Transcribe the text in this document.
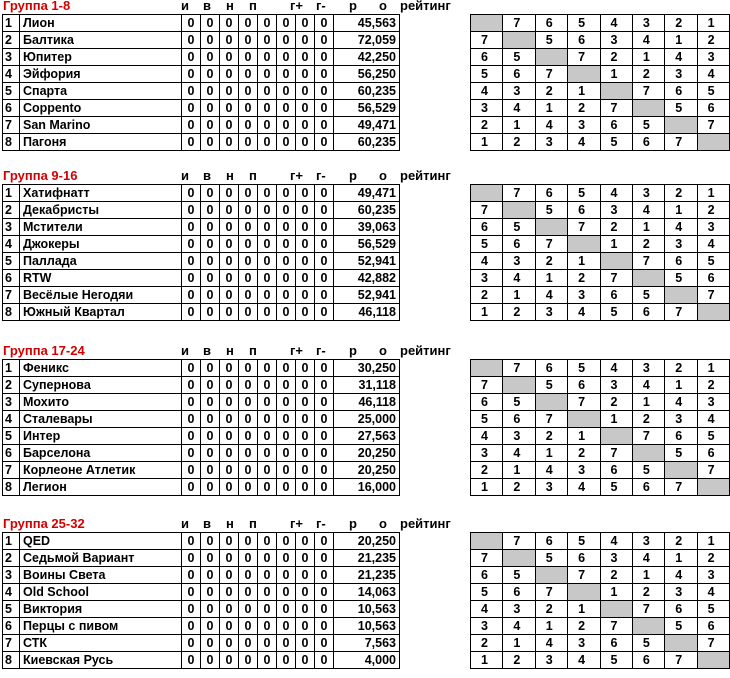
Группа 1-8	и в н п	г+ г- р о рейтинг
1	Лион	0	0	0	0	0	0	0	0	45,563
2	Балтика	0	0	0	0	0	0	0	0	72,059
3	Юпитер	0	0	0	0	0	0	0	0	42,250
4	Эйфория	0	0	0	0	0	0	0	0	56,250
5	Спарта	0	0	0	0	0	0	0	0	60,235
6	Соррento	0	0	0	0	0	0	0	0	56,529
7	San Marino	0	0	0	0	0	0	0	0	49,471
8	Пагоня	0	0	0	0	0	0	0	0	60,235
	7	6	5	4	3	2	1
7		5	6	3	4	1	2
6	5		7	2	1	4	3
5	6	7		1	2	3	4
4	3	2	1		7	6	5
3	4	1	2	7		5	6
2	1	4	3	6	5		7
1	2	3	4	5	6	7	
Группа 9-16	и в н п	г+ г- р о рейтинг
1	Хатифнатт	0	0	0	0	0	0	0	0	49,471
2	Декабристы	0	0	0	0	0	0	0	0	60,235
3	Мстители	0	0	0	0	0	0	0	0	39,063
4	Джокеры	0	0	0	0	0	0	0	0	56,529
5	Паллада	0	0	0	0	0	0	0	0	52,941
6	RTW	0	0	0	0	0	0	0	0	42,882
7	Весёлые Негодяи	0	0	0	0	0	0	0	0	52,941
8	Южный Квартал	0	0	0	0	0	0	0	0	46,118
	7	6	5	4	3	2	1
7		5	6	3	4	1	2
6	5		7	2	1	4	3
5	6	7		1	2	3	4
4	3	2	1		7	6	5
3	4	1	2	7		5	6
2	1	4	3	6	5		7
1	2	3	4	5	6	7	
Группа 17-24	и в н п	г+ г- р о рейтинг
1	Феникс	0	0	0	0	0	0	0	0	30,250
2	Супернова	0	0	0	0	0	0	0	0	31,118
3	Мохито	0	0	0	0	0	0	0	0	46,118
4	Сталевары	0	0	0	0	0	0	0	0	25,000
5	Интер	0	0	0	0	0	0	0	0	27,563
6	Барселона	0	0	0	0	0	0	0	0	20,250
7	Корлеоне Атлетик	0	0	0	0	0	0	0	0	20,250
8	Легион	0	0	0	0	0	0	0	0	16,000
	7	6	5	4	3	2	1
7		5	6	3	4	1	2
6	5		7	2	1	4	3
5	6	7		1	2	3	4
4	3	2	1		7	6	5
3	4	1	2	7		5	6
2	1	4	3	6	5		7
1	2	3	4	5	6	7	
Группа 25-32	и в н п	г+ г- р о рейтинг
1	QED	0	0	0	0	0	0	0	0	20,250
2	Седьмой Вариант	0	0	0	0	0	0	0	0	21,235
3	Воины Света	0	0	0	0	0	0	0	0	21,235
4	Old School	0	0	0	0	0	0	0	0	14,063
5	Виктория	0	0	0	0	0	0	0	0	10,563
6	Перцы с пивом	0	0	0	0	0	0	0	0	10,563
7	СТК	0	0	0	0	0	0	0	0	7,563
8	Киевская Русь	0	0	0	0	0	0	0	0	4,000
	7	6	5	4	3	2	1
7		5	6	3	4	1	2
6	5		7	2	1	4	3
5	6	7		1	2	3	4
4	3	2	1		7	6	5
3	4	1	2	7		5	6
2	1	4	3	6	5		7
1	2	3	4	5	6	7	
